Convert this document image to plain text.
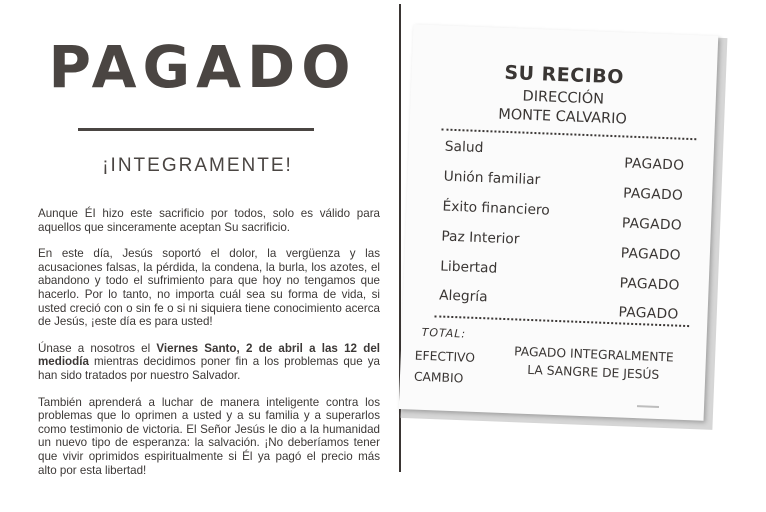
PAGADO
¡INTEGRAMENTE!

Aunque ÉI hizo este sacrificio por todos, solo es válido para aquellos que sinceramente aceptan Su sacrificio.

En este día, Jesús soportó el dolor, la vergüenza y las acusaciones falsas, la pérdida, la condena, la burla, los azotes, el abandono y todo el sufrimiento para que hoy no tengamos que hacerlo. Por lo tanto, no importa cuál sea su forma de vida, si usted creció con o sin fe o si ni siquiera tiene conocimiento acerca de Jesús, ¡este día es para usted!

Únase a nosotros el Viernes Santo, 2 de abril a las 12 del mediodía mientras decidimos poner fin a los problemas que ya han sido tratados por nuestro Salvador.

También aprenderá a luchar de manera inteligente contra los problemas que lo oprimen a usted y a su familia y a superarlos como testimonio de victoria. El Señor Jesús le dio a la humanidad un nuevo tipo de esperanza: la salvación. ¡No deberíamos tener que vivir oprimidos espiritualmente si Él ya pagó el precio más alto por esta libertad!

SU RECIBO
DIRECCIÓN
MONTE CALVARIO
Salud
PAGADO
Unión familiar
PAGADO
Éxito financiero
PAGADO
Paz Interior
PAGADO
Libertad
PAGADO
Alegría
PAGADO
TOTAL:
PAGADO INTEGRALMENTE
LA SANGRE DE JESÚS
EFECTIVO
CAMBIO
